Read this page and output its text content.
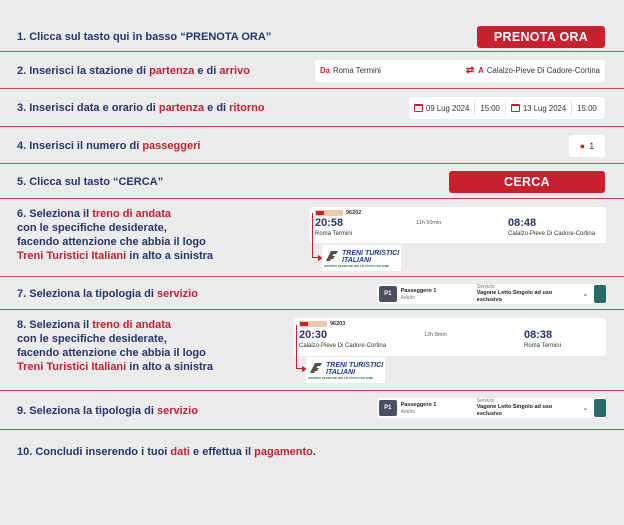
1. Clicca sul tasto qui in basso “PRENOTA ORA”	PRENOTA ORA
2. Inserisci la stazione di partenza e di arrivo	Da Roma Termini	⇄ A Calalzo-Pieve Di Cadore-Cortina
3. Inserisci data e orario di partenza e di ritorno	09 Lug 2024 15:00	13 Lug 2024 15:00
4. Inserisci il numero di passeggeri	● 1
5. Clicca sul tasto “CERCA”	CERCA
6. Seleziona il treno di andata
con le specifiche desiderate,
facendo attenzione che abbia il logo
Treni Turistici Italiani in alto a sinistra
96202
20:58	11h 50min	08:48
Roma Termini	Calalzo-Pieve Di Cadore-Cortina
TRENI TURISTICI
ITALIANI
GRUPPO FERROVIE DELLO STATO ITALIANE
7. Seleziona la tipologia di servizio	P1
Passeggero 1
Adulto
Servizio
Vagone Letto Singolo ad uso esclusivo
⌄
8. Seleziona il treno di andata
con le specifiche desiderate,
facendo attenzione che abbia il logo
Treni Turistici Italiani in alto a sinistra
96203
20:30	12h 8min	08:38
Calalzo-Pieve Di Cadore-Cortina	Roma Termini
TRENI TURISTICI
ITALIANI
GRUPPO FERROVIE DELLO STATO ITALIANE
9. Seleziona la tipologia di servizio	P1
Passeggero 1
Adulto
Servizio
Vagone Letto Singolo ad uso esclusivo
⌄
10. Concludi inserendo i tuoi dati e effettua il pagamento.
